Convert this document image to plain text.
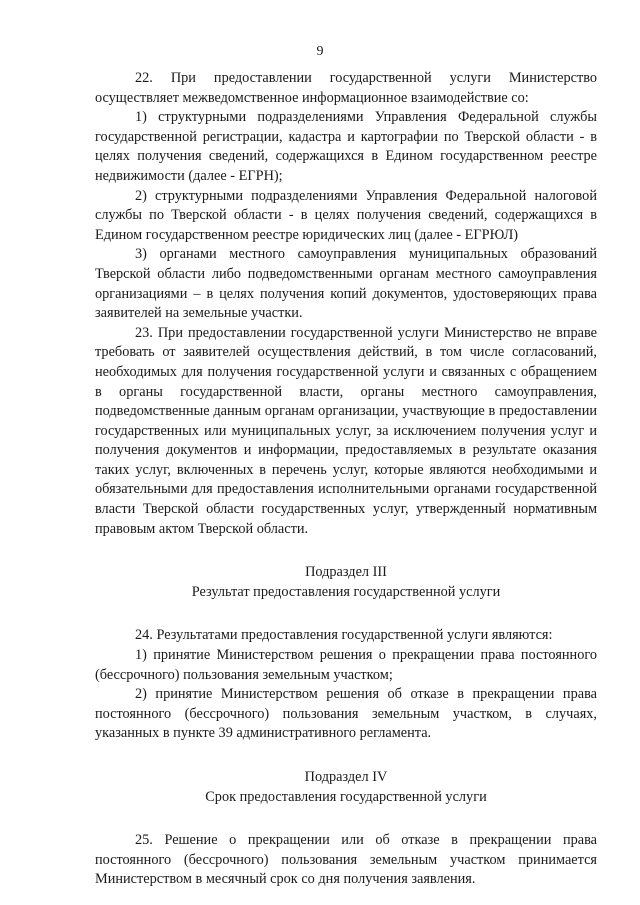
9

22. При предоставлении государственной услуги Министерство осуществляет межведомственное информационное взаимодействие со:

1) структурными подразделениями Управления Федеральной службы государственной регистрации, кадастра и картографии по Тверской области - в целях получения сведений, содержащихся в Едином государственном реестре недвижимости (далее - ЕГРН);

2) структурными подразделениями Управления Федеральной налоговой службы по Тверской области - в целях получения сведений, содержащихся в Едином государственном реестре юридических лиц (далее - ЕГРЮЛ)

3) органами местного самоуправления муниципальных образований Тверской области либо подведомственными органам местного самоуправления организациями – в целях получения копий документов, удостоверяющих права заявителей на земельные участки.

23. При предоставлении государственной услуги Министерство не вправе требовать от заявителей осуществления действий, в том числе согласований, необходимых для получения государственной услуги и связанных с обращением в органы государственной власти, органы местного самоуправления, подведомственные данным органам организации, участвующие в предоставлении государственных или муниципальных услуг, за исключением получения услуг и получения документов и информации, предоставляемых в результате оказания таких услуг, включенных в перечень услуг, которые являются необходимыми и обязательными для предоставления исполнительными органами государственной власти Тверской области государственных услуг, утвержденный нормативным правовым актом Тверской области.

Подраздел III

Результат предоставления государственной услуги

24. Результатами предоставления государственной услуги являются:

1) принятие Министерством решения о прекращении права постоянного (бессрочного) пользования земельным участком;

2) принятие Министерством решения об отказе в прекращении права постоянного (бессрочного) пользования земельным участком, в случаях, указанных в пункте 39 административного регламента.

Подраздел IV

Срок предоставления государственной услуги

25. Решение о прекращении или об отказе в прекращении права постоянного (бессрочного) пользования земельным участком принимается Министерством в месячный срок со дня получения заявления.
